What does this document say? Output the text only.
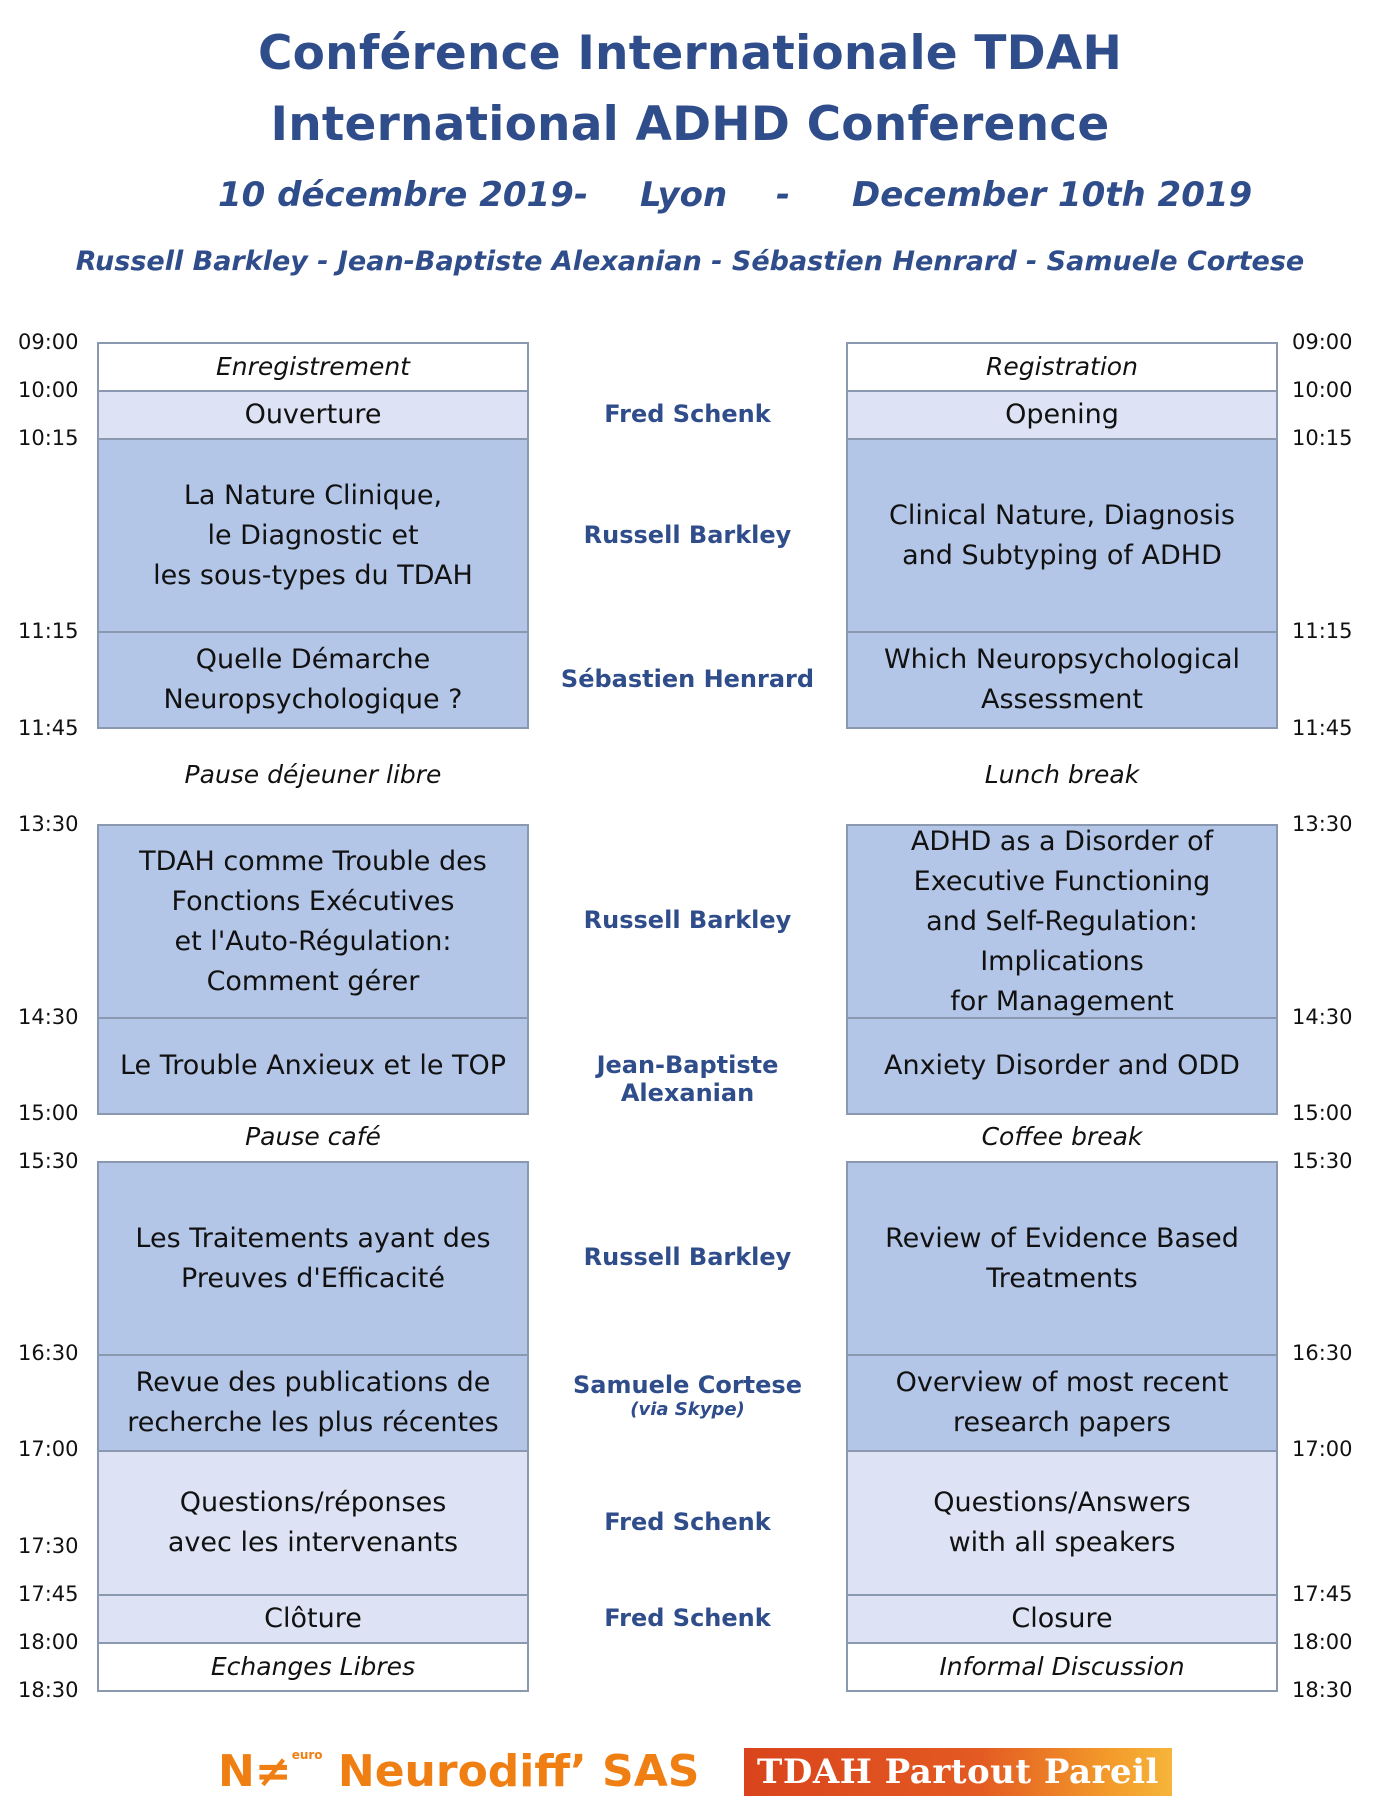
Conférence Internationale TDAH
International ADHD Conference
10 décembre 2019 - Lyon - December 10th 2019
Russell Barkley - Jean-Baptiste Alexanian - Sébastien Henrard - Samuele Cortese
09:00
10:00
10:15
11:15
11:45
13:30
14:30
15:00
15:30
16:30
17:00
17:30
17:45
18:00
18:30
09:00
10:00
10:15
11:15
11:45
13:30
14:30
15:00
15:30
16:30
17:00
17:45
18:00
18:30
Enregistrement
Ouverture
La Nature Clinique,
le Diagnostic et
les sous-types du TDAH
Quelle Démarche
Neuropsychologique ?
TDAH comme Trouble des
Fonctions Exécutives
et l'Auto-Régulation:
Comment gérer
Le Trouble Anxieux et le TOP
Les Traitements ayant des
Preuves d'Efficacité
Revue des publications de
recherche les plus récentes
Questions/réponses
avec les intervenants
Clôture
Echanges Libres
Registration
Opening
Clinical Nature, Diagnosis
and Subtyping of ADHD
Which Neuropsychological
Assessment
ADHD as a Disorder of
Executive Functioning
and Self-Regulation: Implications
for Management
Anxiety Disorder and ODD
Review of Evidence Based
Treatments
Overview of most recent
research papers
Questions/Answers
with all speakers
Closure
Informal Discussion
Fred Schenk
Russell Barkley
Sébastien Henrard
Russell Barkley
Jean-Baptiste Alexanian
Russell Barkley
Samuele Cortese
(via Skype)
Fred Schenk
Fred Schenk
Pause déjeuner libre	Lunch break
Pause café	Coffee break
N≠$^{euro}$ Neurodiff’ SAS TDAH Partout Pareil
